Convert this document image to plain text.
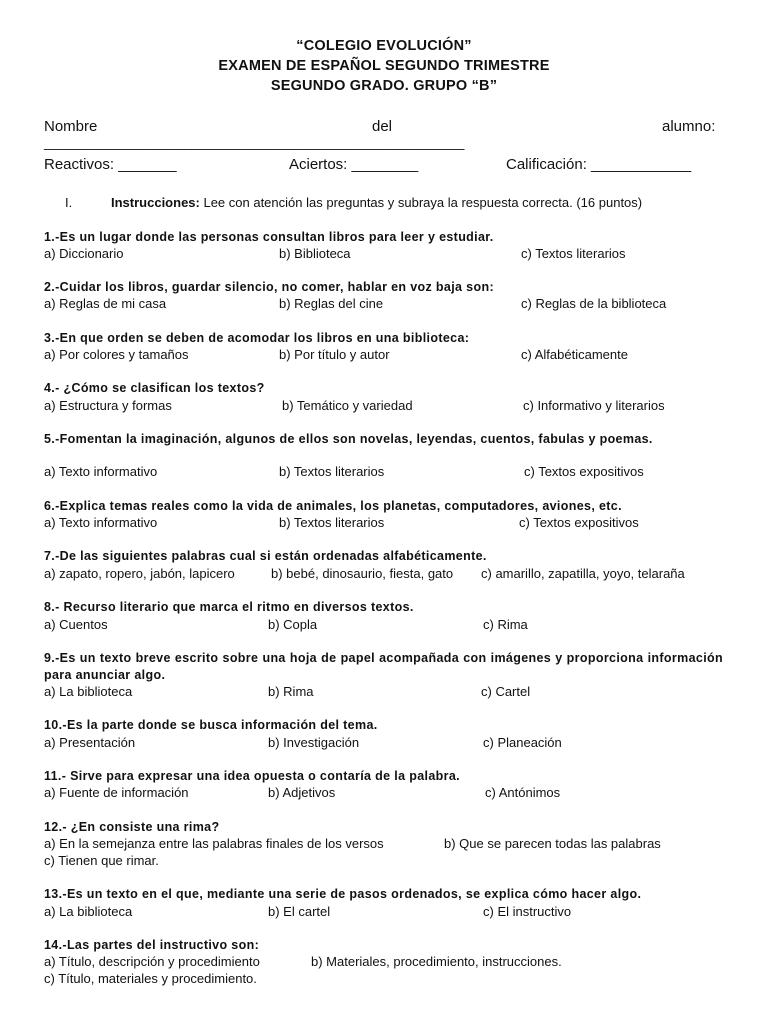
“COLEGIO EVOLUCIÓN”
EXAMEN DE ESPAÑOL SEGUNDO TRIMESTRE
SEGUNDO GRADO. GRUPO “B”
Nombre	del	alumno:
______________________________________________________
Reactivos: _______	Aciertos: ________	Calificación: ____________
I.	Instrucciones: Lee con atención las preguntas y subraya la respuesta correcta. (16 puntos)
1.-Es un lugar donde las personas consultan libros para leer y estudiar.
a) Diccionario	b) Biblioteca	c) Textos literarios
2.-Cuidar los libros, guardar silencio, no comer, hablar en voz baja son:
a) Reglas de mi casa	b) Reglas del cine	c) Reglas de la biblioteca
3.-En que orden se deben de acomodar los libros en una biblioteca:
a) Por colores y tamaños	b) Por título y autor	c) Alfabéticamente
4.- ¿Cómo se clasifican los textos?
a) Estructura y formas	b) Temático y variedad	c) Informativo y literarios
5.-Fomentan la imaginación, algunos de ellos son novelas, leyendas, cuentos, fabulas y poemas.
a) Texto informativo	b) Textos literarios	c) Textos expositivos
6.-Explica temas reales como la vida de animales, los planetas, computadores, aviones, etc.
a) Texto informativo	b) Textos literarios	c) Textos expositivos
7.-De las siguientes palabras cual si están ordenadas alfabéticamente.
a) zapato, ropero, jabón, lapicero	b) bebé, dinosaurio, fiesta, gato c) amarillo, zapatilla, yoyo, telaraña
8.- Recurso literario que marca el ritmo en diversos textos.
a) Cuentos	b) Copla	c) Rima
9.-Es un texto breve escrito sobre una hoja de papel acompañada con imágenes y proporciona información para anunciar algo.
a) La biblioteca	b) Rima	c) Cartel
10.-Es la parte donde se busca información del tema.
a) Presentación	b) Investigación	c) Planeación
11.- Sirve para expresar una idea opuesta o contaría de la palabra.
a) Fuente de información	b) Adjetivos	c) Antónimos
12.- ¿En consiste una rima?
a) En la semejanza entre las palabras finales de los versos	b) Que se parecen todas las palabras
c) Tienen que rimar.
13.-Es un texto en el que, mediante una serie de pasos ordenados, se explica cómo hacer algo.
a) La biblioteca	b) El cartel	c) El instructivo
14.-Las partes del instructivo son:
a) Título, descripción y procedimiento	b) Materiales, procedimiento, instrucciones.
c) Título, materiales y procedimiento.
